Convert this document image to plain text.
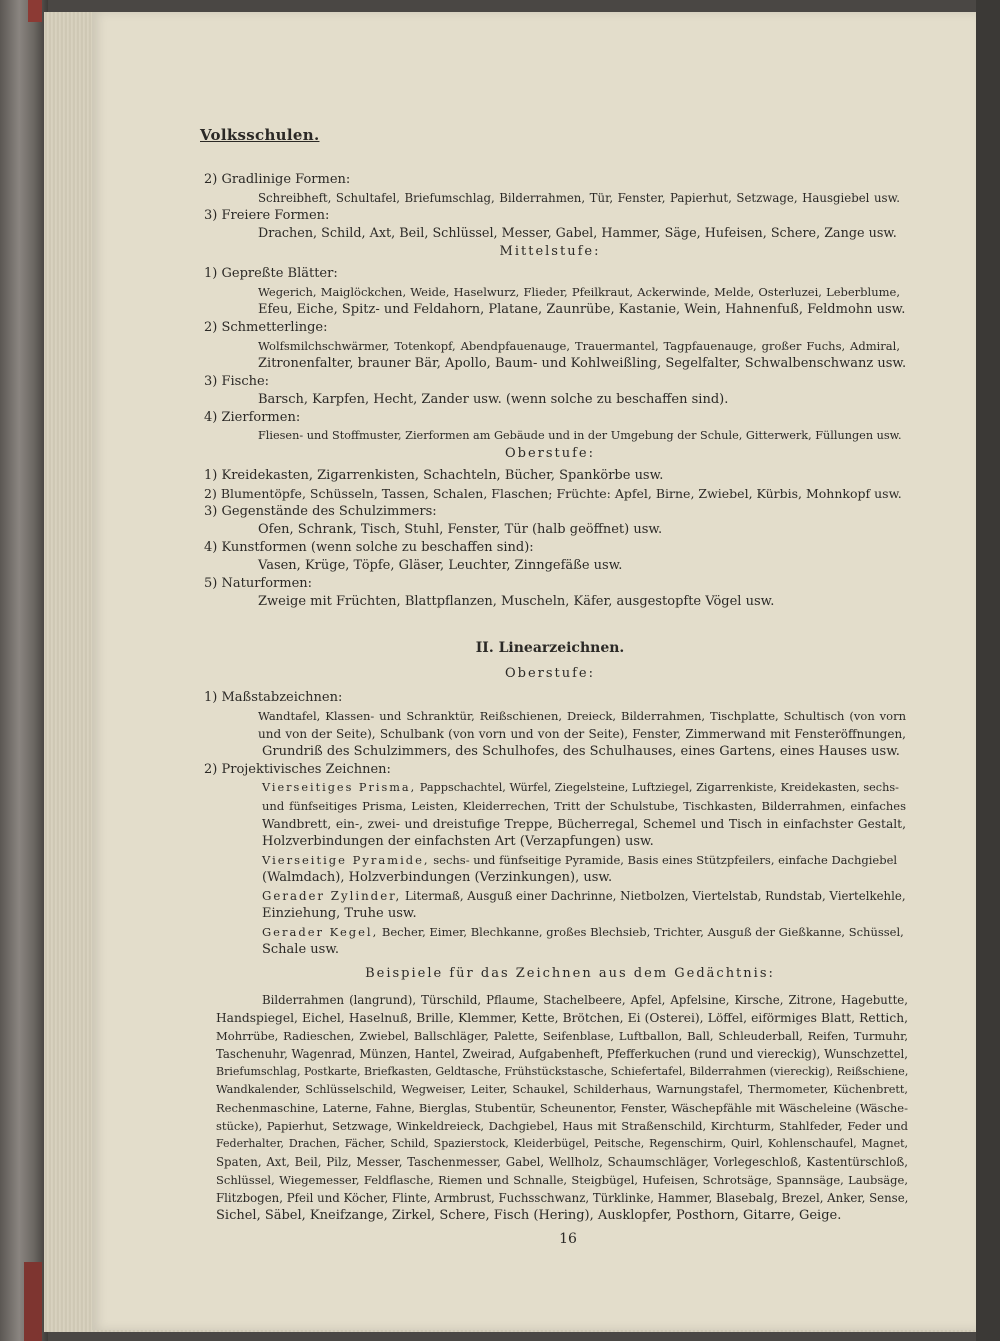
Volksschulen.
2) Gradlinige Formen:
Schreibheft, Schultafel, Briefumschlag, Bilderrahmen, Tür, Fenster, Papierhut, Setzwage, Hausgiebel usw.
3) Freiere Formen:
Drachen, Schild, Axt, Beil, Schlüssel, Messer, Gabel, Hammer, Säge, Hufeisen, Schere, Zange usw.
Mittelstufe:
1) Gepreßte Blätter:
Wegerich, Maiglöckchen, Weide, Haselwurz, Flieder, Pfeilkraut, Ackerwinde, Melde, Osterluzei, Leberblume,
Efeu, Eiche, Spitz- und Feldahorn, Platane, Zaunrübe, Kastanie, Wein, Hahnenfuß, Feldmohn usw.
2) Schmetterlinge:
Wolfsmilchschwärmer, Totenkopf, Abendpfauenauge, Trauermantel, Tagpfauenauge, großer Fuchs, Admiral,
Zitronenfalter, brauner Bär, Apollo, Baum- und Kohlweißling, Segelfalter, Schwalbenschwanz usw.
3) Fische:
Barsch, Karpfen, Hecht, Zander usw. (wenn solche zu beschaffen sind).
4) Zierformen:
Fliesen- und Stoffmuster, Zierformen am Gebäude und in der Umgebung der Schule, Gitterwerk, Füllungen usw.
Oberstufe:
1) Kreidekasten, Zigarrenkisten, Schachteln, Bücher, Spankörbe usw.
2) Blumentöpfe, Schüsseln, Tassen, Schalen, Flaschen; Früchte: Apfel, Birne, Zwiebel, Kürbis, Mohnkopf usw.
3) Gegenstände des Schulzimmers:
Ofen, Schrank, Tisch, Stuhl, Fenster, Tür (halb geöffnet) usw.
4) Kunstformen (wenn solche zu beschaffen sind):
Vasen, Krüge, Töpfe, Gläser, Leuchter, Zinngefäße usw.
5) Naturformen:
Zweige mit Früchten, Blattpflanzen, Muscheln, Käfer, ausgestopfte Vögel usw.
II. Linearzeichnen.
Oberstufe:
1) Maßstabzeichnen:
Wandtafel, Klassen- und Schranktür, Reißschienen, Dreieck, Bilderrahmen, Tischplatte, Schultisch (von vorn
und von der Seite), Schulbank (von vorn und von der Seite), Fenster, Zimmerwand mit Fensteröffnungen,
Grundriß des Schulzimmers, des Schulhofes, des Schulhauses, eines Gartens, eines Hauses usw.
2) Projektivisches Zeichnen:
Vierseitiges Prisma, Pappschachtel, Würfel, Ziegelsteine, Luftziegel, Zigarrenkiste, Kreidekasten, sechs-
und fünfseitiges Prisma, Leisten, Kleiderrechen, Tritt der Schulstube, Tischkasten, Bilderrahmen, einfaches
Wandbrett, ein-, zwei- und dreistufige Treppe, Bücherregal, Schemel und Tisch in einfachster Gestalt,
Holzverbindungen der einfachsten Art (Verzapfungen) usw.
Vierseitige Pyramide, sechs- und fünfseitige Pyramide, Basis eines Stützpfeilers, einfache Dachgiebel
(Walmdach), Holzverbindungen (Verzinkungen), usw.
Gerader Zylinder, Litermaß, Ausguß einer Dachrinne, Nietbolzen, Viertelstab, Rundstab, Viertelkehle,
Einziehung, Truhe usw.
Gerader Kegel, Becher, Eimer, Blechkanne, großes Blechsieb, Trichter, Ausguß der Gießkanne, Schüssel,
Schale usw.
Beispiele für das Zeichnen aus dem Gedächtnis:
Bilderrahmen (langrund), Türschild, Pflaume, Stachelbeere, Apfel, Apfelsine, Kirsche, Zitrone, Hagebutte,
Handspiegel, Eichel, Haselnuß, Brille, Klemmer, Kette, Brötchen, Ei (Osterei), Löffel, eiförmiges Blatt, Rettich,
Mohrrübe, Radieschen, Zwiebel, Ballschläger, Palette, Seifenblase, Luftballon, Ball, Schleuderball, Reifen, Turmuhr,
Taschenuhr, Wagenrad, Münzen, Hantel, Zweirad, Aufgabenheft, Pfefferkuchen (rund und viereckig), Wunschzettel,
Briefumschlag, Postkarte, Briefkasten, Geldtasche, Frühstückstasche, Schiefertafel, Bilderrahmen (viereckig), Reißschiene,
Wandkalender, Schlüsselschild, Wegweiser, Leiter, Schaukel, Schilderhaus, Warnungstafel, Thermometer, Küchenbrett,
Rechenmaschine, Laterne, Fahne, Bierglas, Stubentür, Scheunentor, Fenster, Wäschepfähle mit Wäscheleine (Wäsche-
stücke), Papierhut, Setzwage, Winkeldreieck, Dachgiebel, Haus mit Straßenschild, Kirchturm, Stahlfeder, Feder und
Federhalter, Drachen, Fächer, Schild, Spazierstock, Kleiderbügel, Peitsche, Regenschirm, Quirl, Kohlenschaufel, Magnet,
Spaten, Axt, Beil, Pilz, Messer, Taschenmesser, Gabel, Wellholz, Schaumschläger, Vorlegeschloß, Kastentürschloß,
Schlüssel, Wiegemesser, Feldflasche, Riemen und Schnalle, Steigbügel, Hufeisen, Schrotsäge, Spannsäge, Laubsäge,
Flitzbogen, Pfeil und Köcher, Flinte, Armbrust, Fuchsschwanz, Türklinke, Hammer, Blasebalg, Brezel, Anker, Sense,
Sichel, Säbel, Kneifzange, Zirkel, Schere, Fisch (Hering), Ausklopfer, Posthorn, Gitarre, Geige.
16
